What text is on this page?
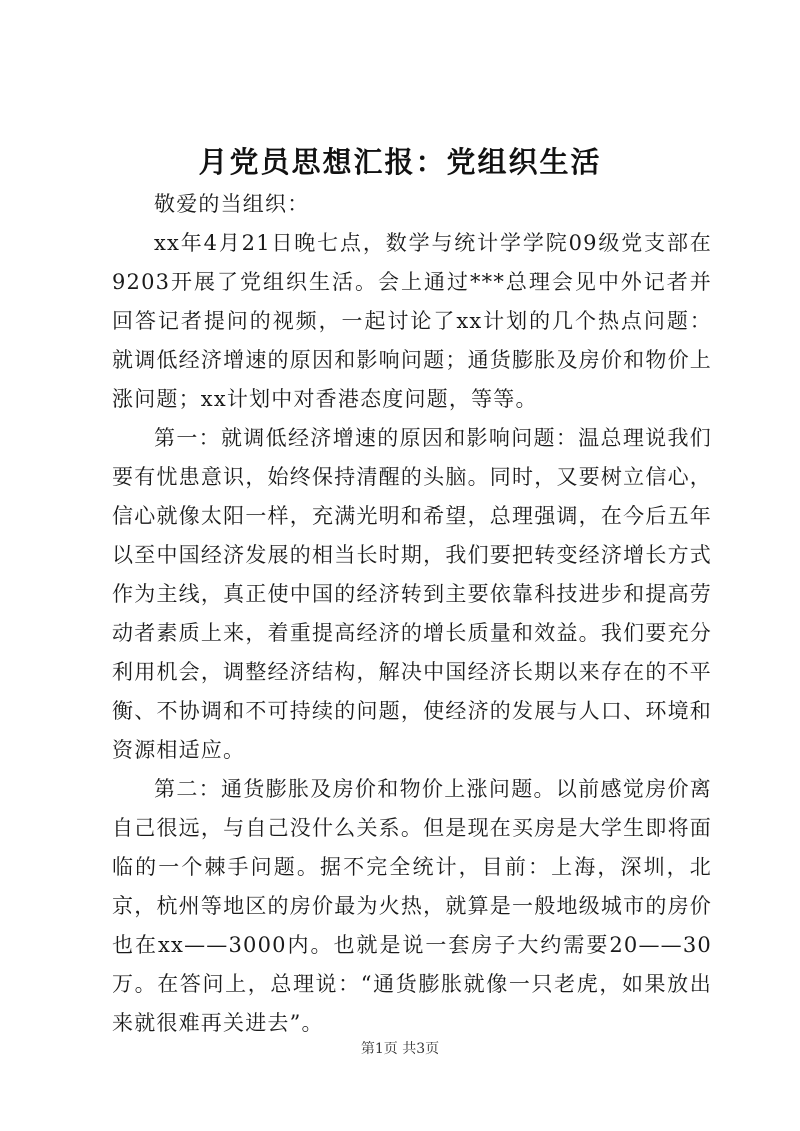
月党员思想汇报：党组织生活

敬爱的当组织：

xx年4月21日晚七点，数学与统计学学院09级党支部在9203开展了党组织生活。会上通过***总理会见中外记者并回答记者提问的视频，一起讨论了xx计划的几个热点问题：就调低经济增速的原因和影响问题；通货膨胀及房价和物价上涨问题；xx计划中对香港态度问题，等等。

第一：就调低经济增速的原因和影响问题：温总理说我们要有忧患意识，始终保持清醒的头脑。同时，又要树立信心，信心就像太阳一样，充满光明和希望，总理强调，在今后五年以至中国经济发展的相当长时期，我们要把转变经济增长方式作为主线，真正使中国的经济转到主要依靠科技进步和提高劳动者素质上来，着重提高经济的增长质量和效益。我们要充分利用机会，调整经济结构，解决中国经济长期以来存在的不平衡、不协调和不可持续的问题，使经济的发展与人口、环境和资源相适应。

第二：通货膨胀及房价和物价上涨问题。以前感觉房价离自己很远，与自己没什么关系。但是现在买房是大学生即将面临的一个棘手问题。据不完全统计，目前：上海，深圳，北京，杭州等地区的房价最为火热，就算是一般地级城市的房价也在xx——3000内。也就是说一套房子大约需要20——30万。在答问上，总理说：“通货膨胀就像一只老虎，如果放出来就很难再关进去”。

第1页 共3页
